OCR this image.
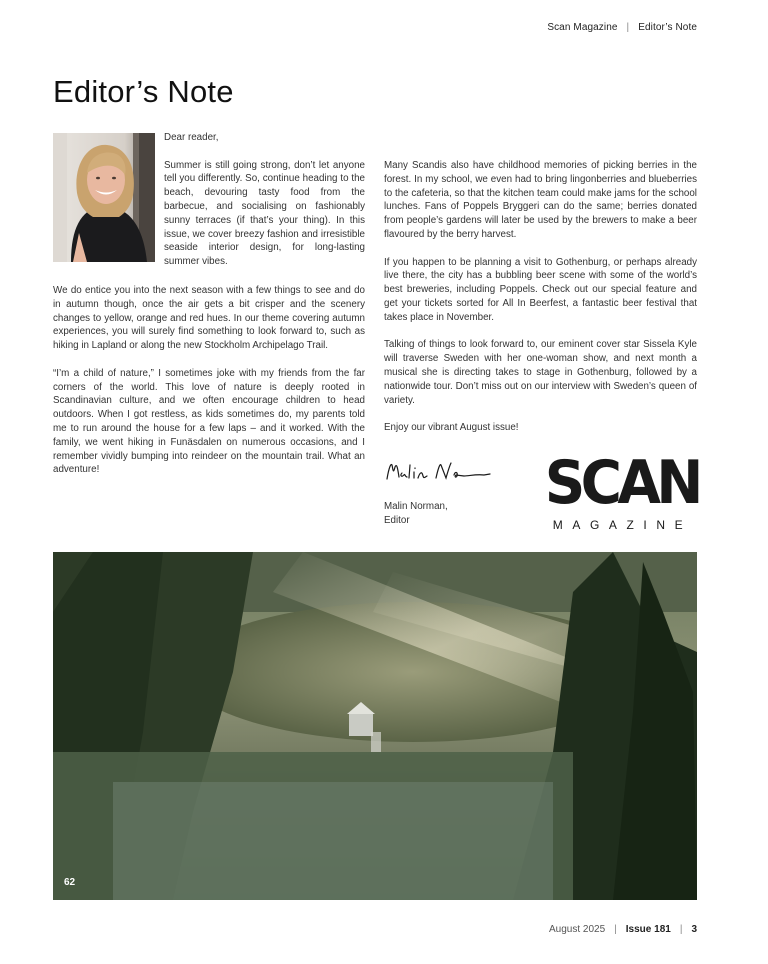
Scan Magazine | Editor’s Note
Editor’s Note

Dear reader,

Summer is still going strong, don’t let anyone tell you differently. So, continue heading to the beach, devouring tasty food from the barbecue, and socialising on fashionably sunny terraces (if that’s your thing). In this issue, we cover breezy fashion and irresistible seaside interior design, for long-lasting summer vibes.

We do entice you into the next season with a few things to see and do in autumn though, once the air gets a bit crisper and the scenery changes to yellow, orange and red hues. In our theme covering autumn experiences, you will surely find something to look forward to, such as hiking in Lapland or along the new Stockholm Archipelago Trail.

“I’m a child of nature,” I sometimes joke with my friends from the far corners of the world. This love of nature is deeply rooted in Scandinavian culture, and we often encourage children to head outdoors. When I got restless, as kids sometimes do, my parents told me to run around the house for a few laps – and it worked. With the family, we went hiking in Funäsdalen on numerous occasions, and I remember vividly bumping into reindeer on the mountain trail. What an adventure!

Many Scandis also have childhood memories of picking berries in the forest. In my school, we even had to bring lingonberries and blueberries to the cafeteria, so that the kitchen team could make jams for the school lunches. Fans of Poppels Bryggeri can do the same; berries donated from people’s gardens will later be used by the brewers to make a beer flavoured by the berry harvest.

If you happen to be planning a visit to Gothenburg, or perhaps already live there, the city has a bubbling beer scene with some of the world’s best breweries, including Poppels. Check out our special feature and get your tickets sorted for All In Beerfest, a fantastic beer festival that takes place in November.

Talking of things to look forward to, our eminent cover star Sissela Kyle will traverse Sweden with her one-woman show, and next month a musical she is directing takes to stage in Gothenburg, followed by a nationwide tour. Don’t miss out on our interview with Sweden’s queen of variety.

Enjoy our vibrant August issue!

Malin Norman,
Editor
SCAN
MAGAZINE
62
August 2025 | Issue 181 | 3
